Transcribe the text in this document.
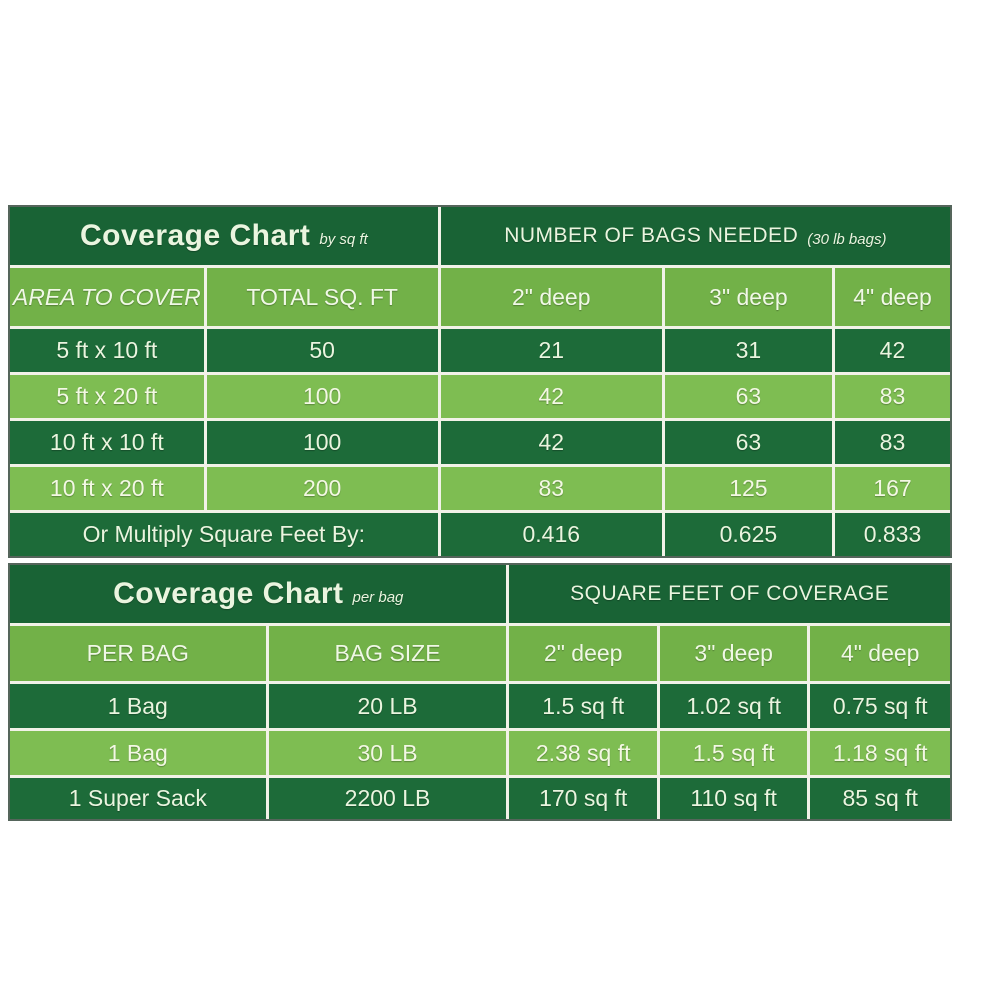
Coverage Chart by sq ft	NUMBER OF BAGS NEEDED (30 lb bags)
AREA TO COVER	TOTAL SQ. FT	2" deep	3" deep	4" deep
5 ft x 10 ft	50	21	31	42
5 ft x 20 ft	100	42	63	83
10 ft x 10 ft	100	42	63	83
10 ft x 20 ft	200	83	125	167
Or Multiply Square Feet By:	0.416	0.625	0.833
Coverage Chart per bag	SQUARE FEET OF COVERAGE
PER BAG	BAG SIZE	2" deep	3" deep	4" deep
1 Bag	20 LB	1.5 sq ft	1.02 sq ft	0.75 sq ft
1 Bag	30 LB	2.38 sq ft	1.5 sq ft	1.18 sq ft
1 Super Sack	2200 LB	170 sq ft	110 sq ft	85 sq ft
